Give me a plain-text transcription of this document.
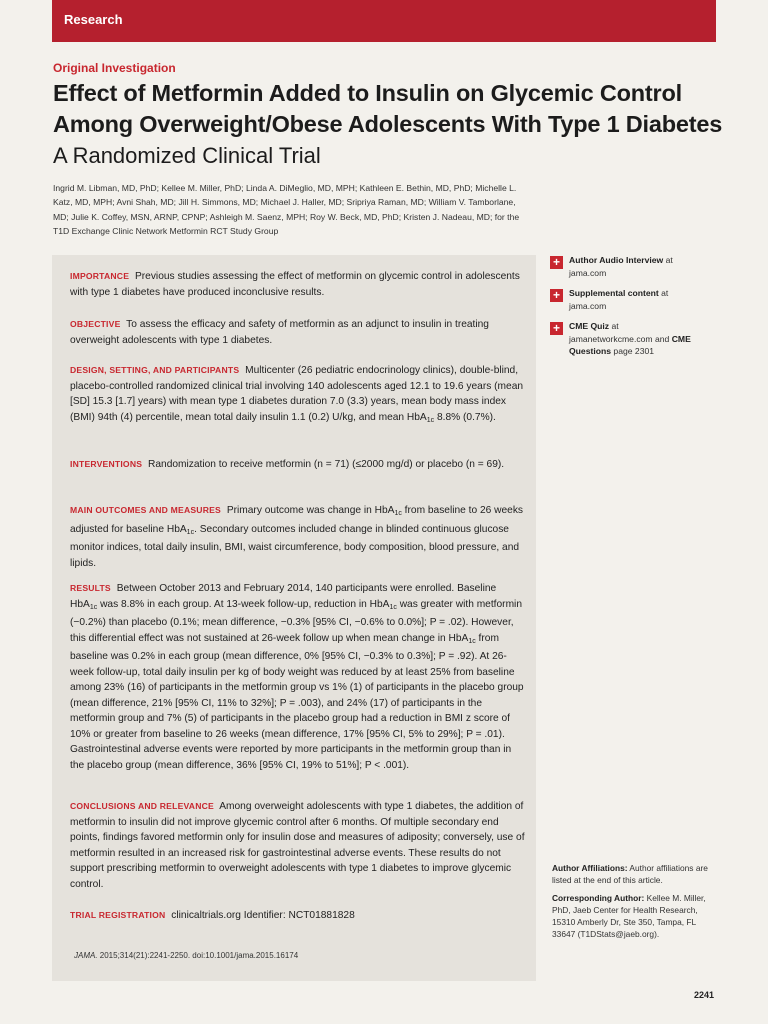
Research
Original Investigation
Effect of Metformin Added to Insulin on Glycemic Control
Among Overweight/Obese Adolescents With Type 1 Diabetes
A Randomized Clinical Trial
Ingrid M. Libman, MD, PhD; Kellee M. Miller, PhD; Linda A. DiMeglio, MD, MPH; Kathleen E. Bethin, MD, PhD; Michelle L. Katz, MD, MPH; Avni Shah, MD; Jill H. Simmons, MD; Michael J. Haller, MD; Sripriya Raman, MD; William V. Tamborlane, MD; Julie K. Coffey, MSN, ARNP, CPNP; Ashleigh M. Saenz, MPH; Roy W. Beck, MD, PhD; Kristen J. Nadeau, MD; for the T1D Exchange Clinic Network Metformin RCT Study Group
IMPORTANCE Previous studies assessing the effect of metformin on glycemic control in adolescents with type 1 diabetes have produced inconclusive results.
OBJECTIVE To assess the efficacy and safety of metformin as an adjunct to insulin in treating overweight adolescents with type 1 diabetes.
DESIGN, SETTING, AND PARTICIPANTS Multicenter (26 pediatric endocrinology clinics), double-blind, placebo-controlled randomized clinical trial involving 140 adolescents aged 12.1 to 19.6 years (mean [SD] 15.3 [1.7] years) with mean type 1 diabetes duration 7.0 (3.3) years, mean body mass index (BMI) 94th (4) percentile, mean total daily insulin 1.1 (0.2) U/kg, and mean HbA$_{1c}$ 8.8% (0.7%).
INTERVENTIONS Randomization to receive metformin (n = 71) (≤2000 mg/d) or placebo (n = 69).
MAIN OUTCOMES AND MEASURES Primary outcome was change in HbA$_{1c}$ from baseline to 26 weeks adjusted for baseline HbA$_{1c}$. Secondary outcomes included change in blinded continuous glucose monitor indices, total daily insulin, BMI, waist circumference, body composition, blood pressure, and lipids.
RESULTS Between October 2013 and February 2014, 140 participants were enrolled. Baseline HbA$_{1c}$ was 8.8% in each group. At 13-week follow-up, reduction in HbA$_{1c}$ was greater with metformin (−0.2%) than placebo (0.1%; mean difference, −0.3% [95% CI, −0.6% to 0.0%]; P = .02). However, this differential effect was not sustained at 26-week follow up when mean change in HbA$_{1c}$ from baseline was 0.2% in each group (mean difference, 0% [95% CI, −0.3% to 0.3%]; P = .92). At 26-week follow-up, total daily insulin per kg of body weight was reduced by at least 25% from baseline among 23% (16) of participants in the metformin group vs 1% (1) of participants in the placebo group (mean difference, 21% [95% CI, 11% to 32%]; P = .003), and 24% (17) of participants in the metformin group and 7% (5) of participants in the placebo group had a reduction in BMI z score of 10% or greater from baseline to 26 weeks (mean difference, 17% [95% CI, 5% to 29%]; P = .01). Gastrointestinal adverse events were reported by more participants in the metformin group than in the placebo group (mean difference, 36% [95% CI, 19% to 51%]; P < .001).
CONCLUSIONS AND RELEVANCE Among overweight adolescents with type 1 diabetes, the addition of metformin to insulin did not improve glycemic control after 6 months. Of multiple secondary end points, findings favored metformin only for insulin dose and measures of adiposity; conversely, use of metformin resulted in an increased risk for gastrointestinal adverse events. These results do not support prescribing metformin to overweight adolescents with type 1 diabetes to improve glycemic control.
TRIAL REGISTRATION clinicaltrials.org Identifier: NCT01881828
JAMA. 2015;314(21):2241-2250. doi:10.1001/jama.2015.16174
+	Author Audio Interview at jama.com
+	Supplemental content at jama.com
+	CME Quiz at jamanetworkcme.com and CME Questions page 2301

Author Affiliations: Author affiliations are listed at the end of this article.

Corresponding Author: Kellee M. Miller, PhD, Jaeb Center for Health Research, 15310 Amberly Dr, Ste 350, Tampa, FL 33647 (T1DStats@jaeb.org).

2241
